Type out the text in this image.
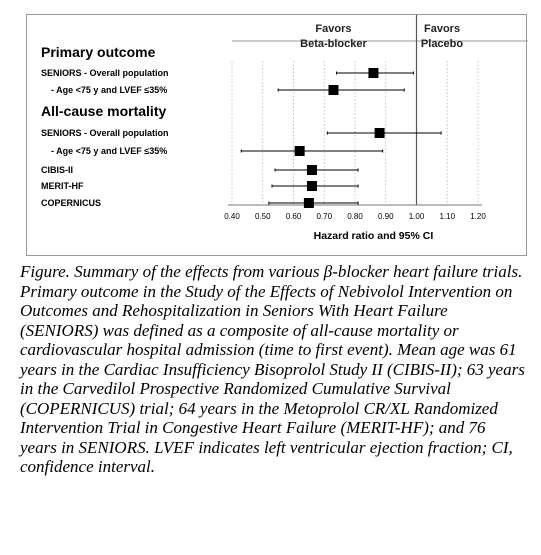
Favors
Beta-blocker
Favors
Placebo
0.40 0.50 0.60 0.70 0.80 0.90 1.00 1.10 1.20
Hazard ratio and 95% CI
Primary outcome
SENIORS - Overall population
- Age <75 y and LVEF ≤35%
All-cause mortality
SENIORS - Overall population
- Age <75 y and LVEF ≤35%
CIBIS-II
MERIT-HF
COPERNICUS

Figure. Summary of the effects from various β-blocker heart failure trials. Primary outcome in the Study of the Effects of Nebivolol Intervention on Outcomes and Rehospitalization in Seniors With Heart Failure (SENIORS) was defined as a composite of all-cause mortality or cardiovascular hospital admission (time to first event). Mean age was 61 years in the Cardiac Insufficiency Bisoprolol Study II (CIBIS-II); 63 years in the Carvedilol Prospective Randomized Cumulative Survival (COPERNICUS) trial; 64 years in the Metoprolol CR/XL Randomized Intervention Trial in Congestive Heart Failure (MERIT-HF); and 76 years in SENIORS. LVEF indicates left ventricular ejection fraction; CI, confidence interval.
